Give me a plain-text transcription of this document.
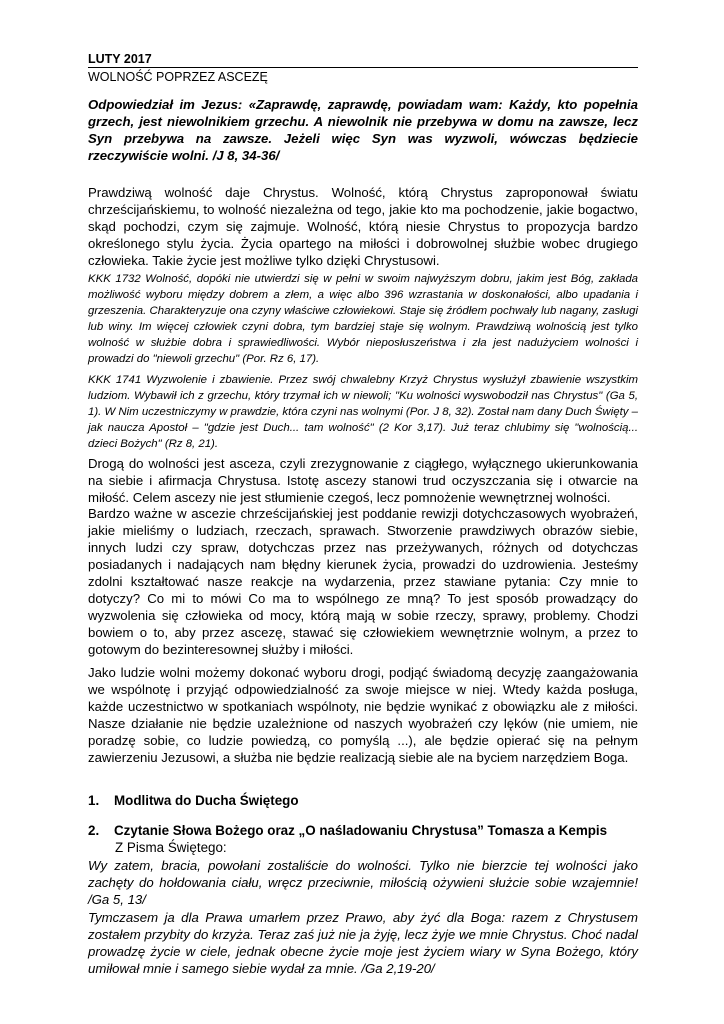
LUTY 2017
WOLNOŚĆ POPRZEZ ASCEZĘ

Odpowiedział im Jezus: «Zaprawdę, zaprawdę, powiadam wam: Każdy, kto popełnia grzech, jest niewolnikiem grzechu. A niewolnik nie przebywa w domu na zawsze, lecz Syn przebywa na zawsze. Jeżeli więc Syn was wyzwoli, wówczas będziecie rzeczywiście wolni. /J 8, 34-36/

Prawdziwą wolność daje Chrystus. Wolność, którą Chrystus zaproponował światu chrześcijańskiemu, to wolność niezależna od tego, jakie kto ma pochodzenie, jakie bogactwo, skąd pochodzi, czym się zajmuje. Wolność, którą niesie Chrystus to propozycja bardzo określonego stylu życia. Życia opartego na miłości i dobrowolnej służbie wobec drugiego człowieka. Takie życie jest możliwe tylko dzięki Chrystusowi.

KKK 1732 Wolność, dopóki nie utwierdzi się w pełni w swoim najwyższym dobru, jakim jest Bóg, zakłada możliwość wyboru między dobrem a złem, a więc albo 396 wzrastania w doskonałości, albo upadania i grzeszenia. Charakteryzuje ona czyny właściwe człowiekowi. Staje się źródłem pochwały lub nagany, zasługi lub winy. Im więcej człowiek czyni dobra, tym bardziej staje się wolnym. Prawdziwą wolnością jest tylko wolność w służbie dobra i sprawiedliwości. Wybór nieposłuszeństwa i zła jest nadużyciem wolności i prowadzi do "niewoli grzechu" (Por. Rz 6, 17).

KKK 1741 Wyzwolenie i zbawienie. Przez swój chwalebny Krzyż Chrystus wysłużył zbawienie wszystkim ludziom. Wybawił ich z grzechu, który trzymał ich w niewoli; "Ku wolności wyswobodził nas Chrystus" (Ga 5, 1). W Nim uczestniczymy w prawdzie, która czyni nas wolnymi (Por. J 8, 32). Został nam dany Duch Święty – jak naucza Apostoł – "gdzie jest Duch... tam wolność" (2 Kor 3,17). Już teraz chlubimy się "wolnością... dzieci Bożych" (Rz 8, 21).

Drogą do wolności jest asceza, czyli zrezygnowanie z ciągłego, wyłącznego ukierunkowania na siebie i afirmacja Chrystusa. Istotę ascezy stanowi trud oczyszczania się i otwarcie na miłość. Celem ascezy nie jest stłumienie czegoś, lecz pomnożenie wewnętrznej wolności.

Bardzo ważne w ascezie chrześcijańskiej jest poddanie rewizji dotychczasowych wyobrażeń, jakie mieliśmy o ludziach, rzeczach, sprawach. Stworzenie prawdziwych obrazów siebie, innych ludzi czy spraw, dotychczas przez nas przeżywanych, różnych od dotychczas posiadanych i nadających nam błędny kierunek życia, prowadzi do uzdrowienia. Jesteśmy zdolni kształtować nasze reakcje na wydarzenia, przez stawiane pytania: Czy mnie to dotyczy? Co mi to mówi Co ma to wspólnego ze mną? To jest sposób prowadzący do wyzwolenia się człowieka od mocy, którą mają w sobie rzeczy, sprawy, problemy. Chodzi bowiem o to, aby przez ascezę, stawać się człowiekiem wewnętrznie wolnym, a przez to gotowym do bezinteresownej służby i miłości.

Jako ludzie wolni możemy dokonać wyboru drogi, podjąć świadomą decyzję zaangażowania we wspólnotę i przyjąć odpowiedzialność za swoje miejsce w niej. Wtedy każda posługa, każde uczestnictwo w spotkaniach wspólnoty, nie będzie wynikać z obowiązku ale z miłości. Nasze działanie nie będzie uzależnione od naszych wyobrażeń czy lęków (nie umiem, nie poradzę sobie, co ludzie powiedzą, co pomyślą ...), ale będzie opierać się na pełnym zawierzeniu Jezusowi, a służba nie będzie realizacją siebie ale na byciem narzędziem Boga.

1. Modlitwa do Ducha Świętego
2. Czytanie Słowa Bożego oraz „O naśladowaniu Chrystusa” Tomasza a Kempis
Z Pisma Świętego:

Wy zatem, bracia, powołani zostaliście do wolności. Tylko nie bierzcie tej wolności jako zachęty do hołdowania ciału, wręcz przeciwnie, miłością ożywieni służcie sobie wzajemnie! /Ga 5, 13/

Tymczasem ja dla Prawa umarłem przez Prawo, aby żyć dla Boga: razem z Chrystusem zostałem przybity do krzyża. Teraz zaś już nie ja żyję, lecz żyje we mnie Chrystus. Choć nadal prowadzę życie w ciele, jednak obecne życie moje jest życiem wiary w Syna Bożego, który umiłował mnie i samego siebie wydał za mnie. /Ga 2,19-20/
